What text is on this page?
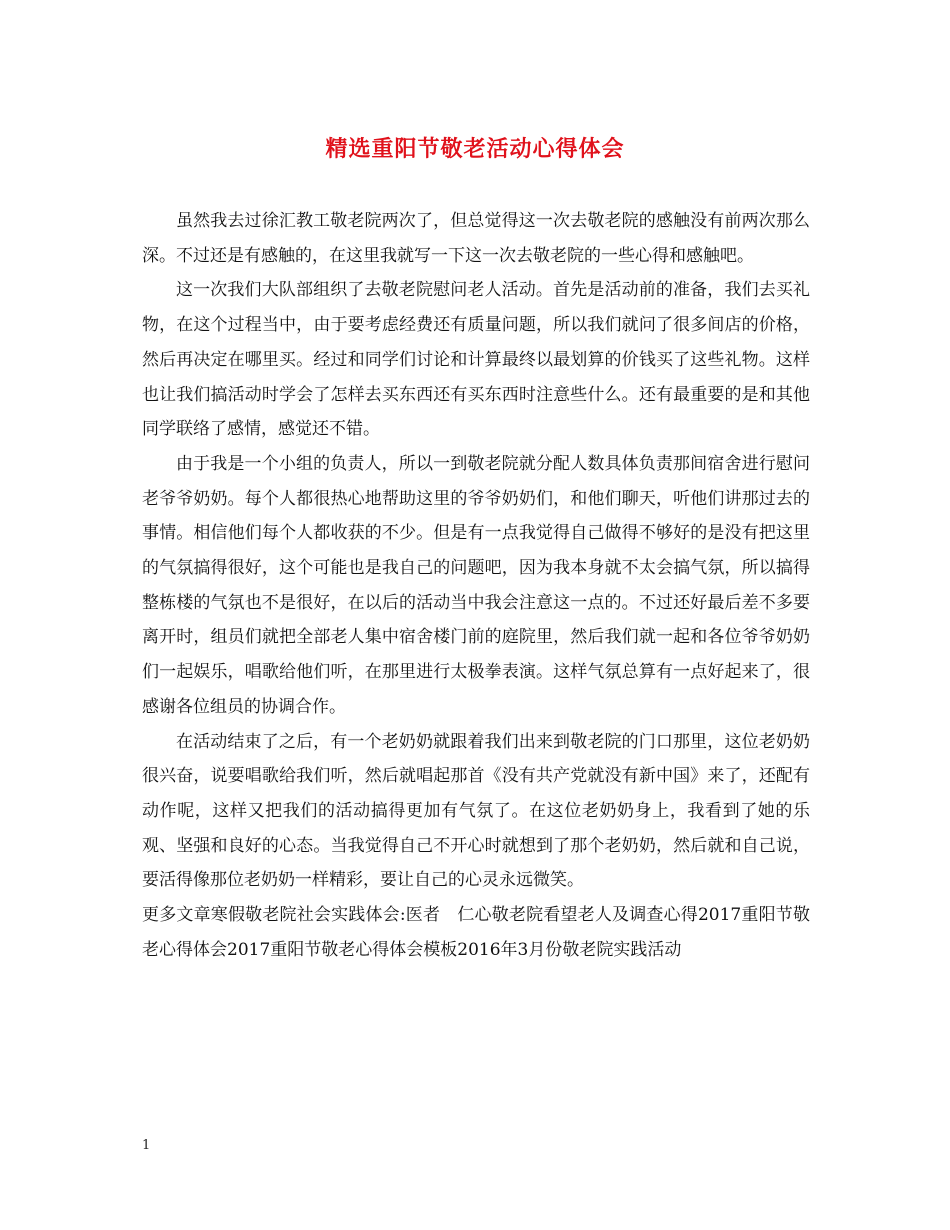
精选重阳节敬老活动心得体会

虽然我去过徐汇教工敬老院两次了，但总觉得这一次去敬老院的感触没有前两次那么深。不过还是有感触的，在这里我就写一下这一次去敬老院的一些心得和感触吧。

这一次我们大队部组织了去敬老院慰问老人活动。首先是活动前的准备，我们去买礼物，在这个过程当中，由于要考虑经费还有质量问题，所以我们就问了很多间店的价格，然后再决定在哪里买。经过和同学们讨论和计算最终以最划算的价钱买了这些礼物。这样也让我们搞活动时学会了怎样去买东西还有买东西时注意些什么。还有最重要的是和其他同学联络了感情，感觉还不错。

由于我是一个小组的负责人，所以一到敬老院就分配人数具体负责那间宿舍进行慰问老爷爷奶奶。每个人都很热心地帮助这里的爷爷奶奶们，和他们聊天，听他们讲那过去的事情。相信他们每个人都收获的不少。但是有一点我觉得自己做得不够好的是没有把这里的气氛搞得很好，这个可能也是我自己的问题吧，因为我本身就不太会搞气氛，所以搞得整栋楼的气氛也不是很好，在以后的活动当中我会注意这一点的。不过还好最后差不多要离开时，组员们就把全部老人集中宿舍楼门前的庭院里，然后我们就一起和各位爷爷奶奶们一起娱乐，唱歌给他们听，在那里进行太极拳表演。这样气氛总算有一点好起来了，很感谢各位组员的协调合作。

在活动结束了之后，有一个老奶奶就跟着我们出来到敬老院的门口那里，这位老奶奶很兴奋，说要唱歌给我们听，然后就唱起那首《没有共产党就没有新中国》来了，还配有动作呢，这样又把我们的活动搞得更加有气氛了。在这位老奶奶身上，我看到了她的乐观、坚强和良好的心态。当我觉得自己不开心时就想到了那个老奶奶，然后就和自己说，要活得像那位老奶奶一样精彩，要让自己的心灵永远微笑。

更多文章寒假敬老院社会实践体会:医者　仁心敬老院看望老人及调查心得2017重阳节敬老心得体会2017重阳节敬老心得体会模板2016年3月份敬老院实践活动

1
